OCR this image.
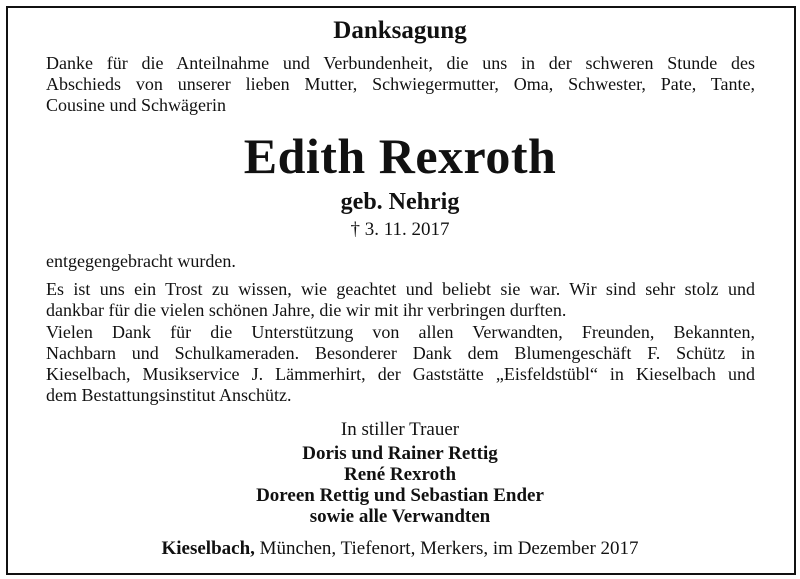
Danksagung

Danke für die Anteilnahme und Verbundenheit, die uns in der schweren Stunde des
Abschieds von unserer lieben Mutter, Schwiegermutter, Oma, Schwester, Pate, Tante,
Cousine und Schwägerin

Edith Rexroth
geb. Nehrig
† 3. 11. 2017

entgegengebracht wurden.

Es ist uns ein Trost zu wissen, wie geachtet und beliebt sie war. Wir sind sehr stolz und
dankbar für die vielen schönen Jahre, die wir mit ihr verbringen durften.

Vielen Dank für die Unterstützung von allen Verwandten, Freunden, Bekannten,
Nachbarn und Schulkameraden. Besonderer Dank dem Blumengeschäft F. Schütz in
Kieselbach, Musikservice J. Lämmerhirt, der Gaststätte „Eisfeldstübl“ in Kieselbach und
dem Bestattungsinstitut Anschütz.

In stiller Trauer
Doris und Rainer Rettig
René Rexroth
Doreen Rettig und Sebastian Ender
sowie alle Verwandten
Kieselbach, München, Tiefenort, Merkers, im Dezember 2017
